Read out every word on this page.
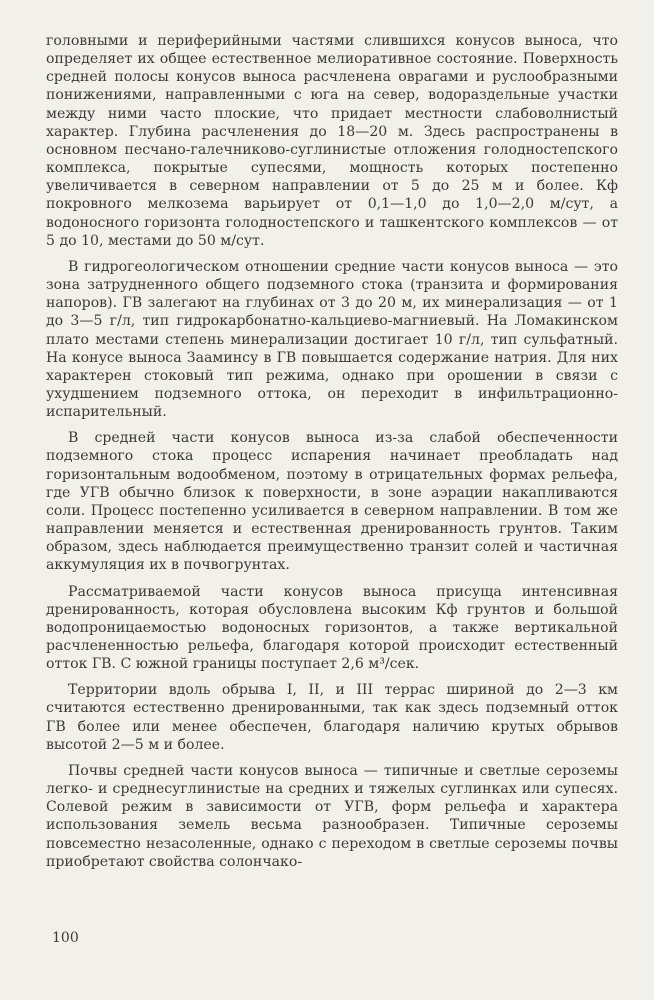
головными и периферийными частями слившихся конусов выноса, что определяет их общее естественное мелиоративное состояние. Поверхность средней полосы конусов выноса расчленена оврагами и руслообразными понижениями, направленными с юга на север, водораздельные участки между ними часто плоские, что придает местности слабоволнистый характер. Глубина расчленения до 18—20 м. Здесь распространены в основном песчано-галечниково-суглинистые отложения голодностепского комплекса, покрытые супесями, мощность которых постепенно увеличивается в северном направлении от 5 до 25 м и более. Кф покровного мелкозема варьирует от 0,1—1,0 до 1,0—2,0 м/сут, а водоносного горизонта голодностепского и ташкентского комплексов — от 5 до 10, местами до 50 м/сут.

В гидрогеологическом отношении средние части конусов выноса — это зона затрудненного общего подземного стока (транзита и формирования напоров). ГВ залегают на глубинах от 3 до 20 м, их минерализация — от 1 до 3—5 г/л, тип гидрокарбонатно-кальциево-магниевый. На Ломакинском плато местами степень минерализации достигает 10 г/л, тип сульфатный. На конусе выноса Зааминсу в ГВ повышается содержание натрия. Для них характерен стоковый тип режима, однако при орошении в связи с ухудшением подземного оттока, он переходит в инфильтрационно-испарительный.

В средней части конусов выноса из-за слабой обеспеченности подземного стока процесс испарения начинает преобладать над горизонтальным водообменом, поэтому в отрицательных формах рельефа, где УГВ обычно близок к поверхности, в зоне аэрации накапливаются соли. Процесс постепенно усиливается в северном направлении. В том же направлении меняется и естественная дренированность грунтов. Таким образом, здесь наблюдается преимущественно транзит солей и частичная аккумуляция их в почвогрунтах.

Рассматриваемой части конусов выноса присуща интенсивная дренированность, которая обусловлена высоким Кф грунтов и большой водопроницаемостью водоносных горизонтов, а также вертикальной расчлененностью рельефа, благодаря которой происходит естественный отток ГВ. С южной границы поступает 2,6 м³/сек.

Территории вдоль обрыва I, II, и III террас шириной до 2—3 км считаются естественно дренированными, так как здесь подземный отток ГВ более или менее обеспечен, благодаря наличию крутых обрывов высотой 2—5 м и более.

Почвы средней части конусов выноса — типичные и светлые сероземы легко- и среднесуглинистые на средних и тяжелых суглинках или супесях. Солевой режим в зависимости от УГВ, форм рельефа и характера использования земель весьма разнообразен. Типичные сероземы повсеместно незасоленные, однако с переходом в светлые сероземы почвы приобретают свойства солончако-

100
